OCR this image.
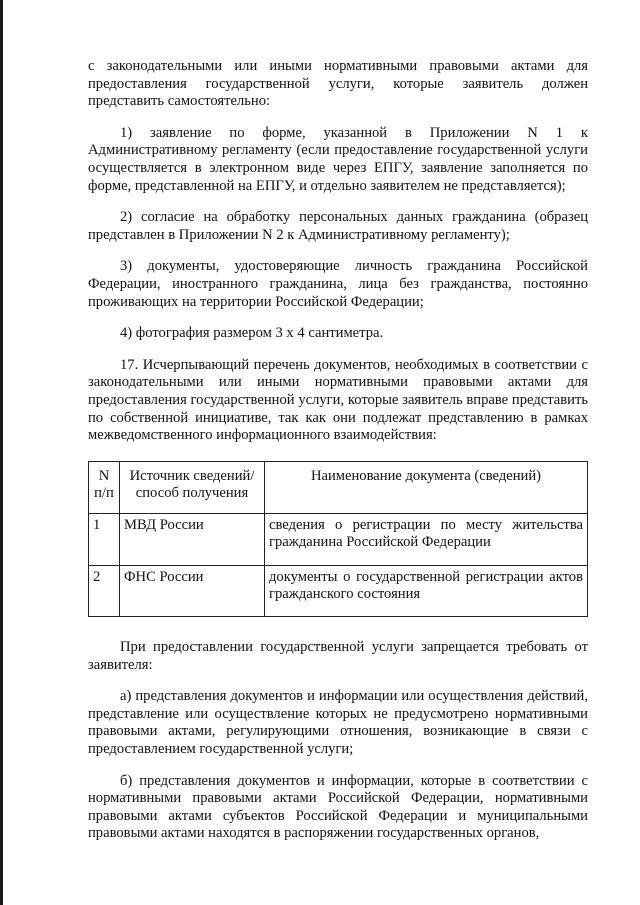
с законодательными или иными нормативными правовыми актами для предоставления государственной услуги, которые заявитель должен представить самостоятельно:

1) заявление по форме, указанной в Приложении N 1 к Административному регламенту (если предоставление государственной услуги осуществляется в электронном виде через ЕПГУ, заявление заполняется по форме, представленной на ЕПГУ, и отдельно заявителем не представляется);

2) согласие на обработку персональных данных гражданина (образец представлен в Приложении N 2 к Административному регламенту);

3) документы, удостоверяющие личность гражданина Российской Федерации, иностранного гражданина, лица без гражданства, постоянно проживающих на территории Российской Федерации;

4) фотография размером 3 х 4 сантиметра.

17. Исчерпывающий перечень документов, необходимых в соответствии с законодательными или иными нормативными правовыми актами для предоставления государственной услуги, которые заявитель вправе представить по собственной инициативе, так как они подлежат представлению в рамках межведомственного информационного взаимодействия:

N п/п	Источник сведений/способ получения	Наименование документа (сведений)
1	МВД России	сведения о регистрации по месту жительства гражданина Российской Федерации
2	ФНС России	документы о государственной регистрации актов гражданского состояния

При предоставлении государственной услуги запрещается требовать от заявителя:

а) представления документов и информации или осуществления действий, представление или осуществление которых не предусмотрено нормативными правовыми актами, регулирующими отношения, возникающие в связи с предоставлением государственной услуги;

б) представления документов и информации, которые в соответствии с нормативными правовыми актами Российской Федерации, нормативными правовыми актами субъектов Российской Федерации и муниципальными правовыми актами находятся в распоряжении государственных органов,
